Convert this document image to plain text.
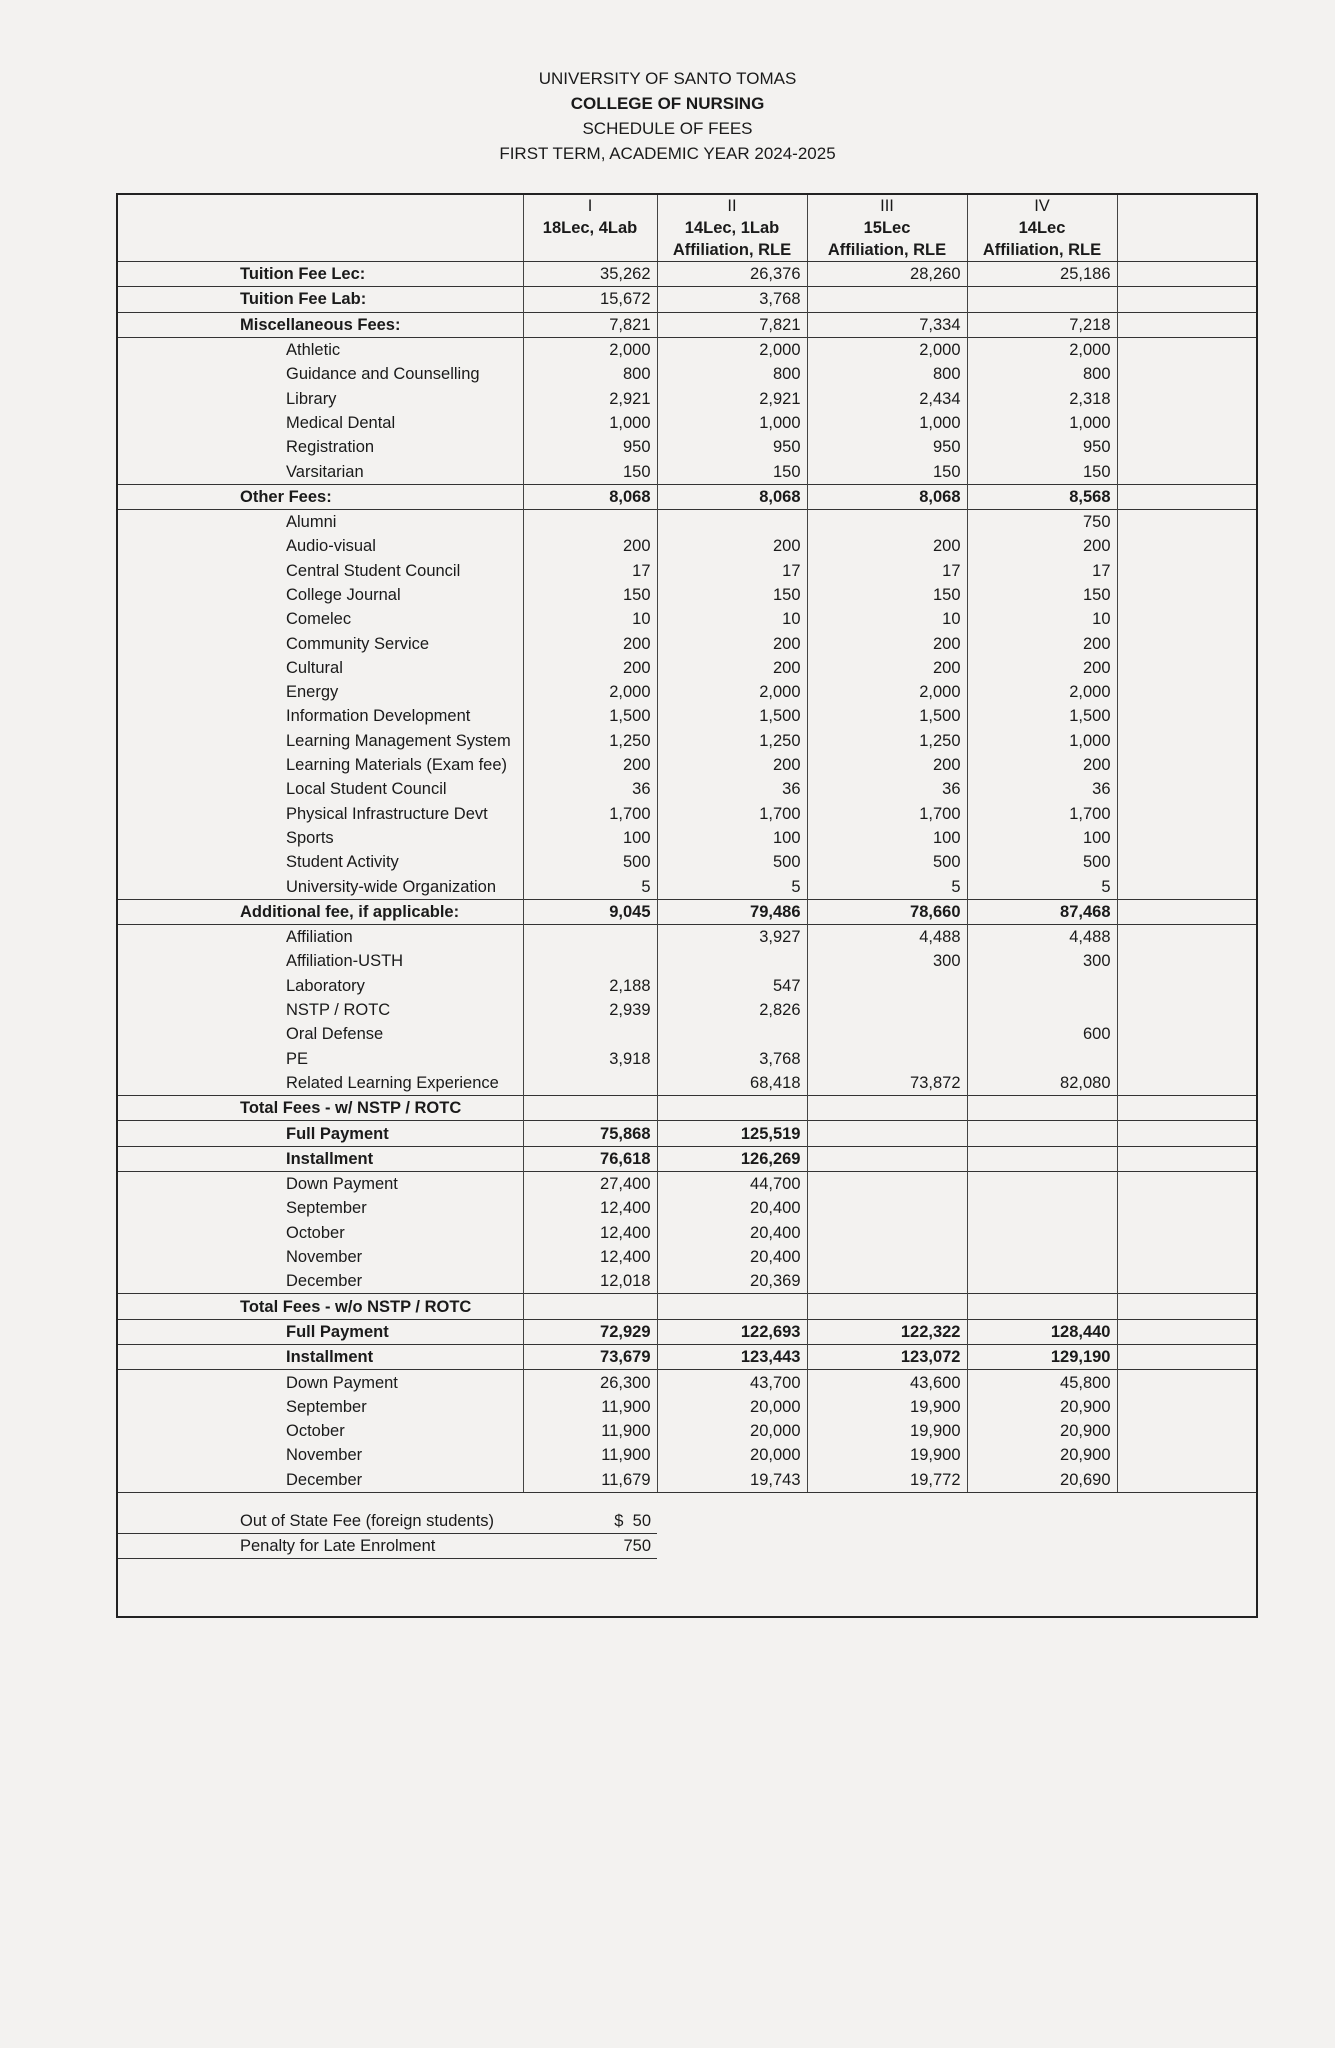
UNIVERSITY OF SANTO TOMAS
COLLEGE OF NURSING
SCHEDULE OF FEES
FIRST TERM, ACADEMIC YEAR 2024-2025
	I	II	III	IV	
	18Lec, 4Lab	14Lec, 1Lab	15Lec	14Lec	
		Affiliation, RLE	Affiliation, RLE	Affiliation, RLE	
Tuition Fee Lec:	35,262	26,376	28,260	25,186	
Tuition Fee Lab:	15,672	3,768			
Miscellaneous Fees:	7,821	7,821	7,334	7,218	
Athletic	2,000	2,000	2,000	2,000	
Guidance and Counselling	800	800	800	800	
Library	2,921	2,921	2,434	2,318	
Medical Dental	1,000	1,000	1,000	1,000	
Registration	950	950	950	950	
Varsitarian	150	150	150	150	
Other Fees:	8,068	8,068	8,068	8,568	
Alumni				750	
Audio-visual	200	200	200	200	
Central Student Council	17	17	17	17	
College Journal	150	150	150	150	
Comelec	10	10	10	10	
Community Service	200	200	200	200	
Cultural	200	200	200	200	
Energy	2,000	2,000	2,000	2,000	
Information Development	1,500	1,500	1,500	1,500	
Learning Management System	1,250	1,250	1,250	1,000	
Learning Materials (Exam fee)	200	200	200	200	
Local Student Council	36	36	36	36	
Physical Infrastructure Devt	1,700	1,700	1,700	1,700	
Sports	100	100	100	100	
Student Activity	500	500	500	500	
University-wide Organization	5	5	5	5	
Additional fee, if applicable:	9,045	79,486	78,660	87,468	
Affiliation		3,927	4,488	4,488	
Affiliation-USTH			300	300	
Laboratory	2,188	547			
NSTP / ROTC	2,939	2,826			
Oral Defense				600	
PE	3,918	3,768			
Related Learning Experience		68,418	73,872	82,080	
Total Fees - w/ NSTP / ROTC					
Full Payment	75,868	125,519			
Installment	76,618	126,269			
Down Payment	27,400	44,700			
September	12,400	20,400			
October	12,400	20,400			
November	12,400	20,400			
December	12,018	20,369			
Total Fees - w/o NSTP / ROTC					
Full Payment	72,929	122,693	122,322	128,440	
Installment	73,679	123,443	123,072	129,190	
Down Payment	26,300	43,700	43,600	45,800	
September	11,900	20,000	19,900	20,900	
October	11,900	20,000	19,900	20,900	
November	11,900	20,000	19,900	20,900	
December	11,679	19,743	19,772	20,690	

Out of State Fee (foreign students)	$  50				
Penalty for Late Enrolment	750				
